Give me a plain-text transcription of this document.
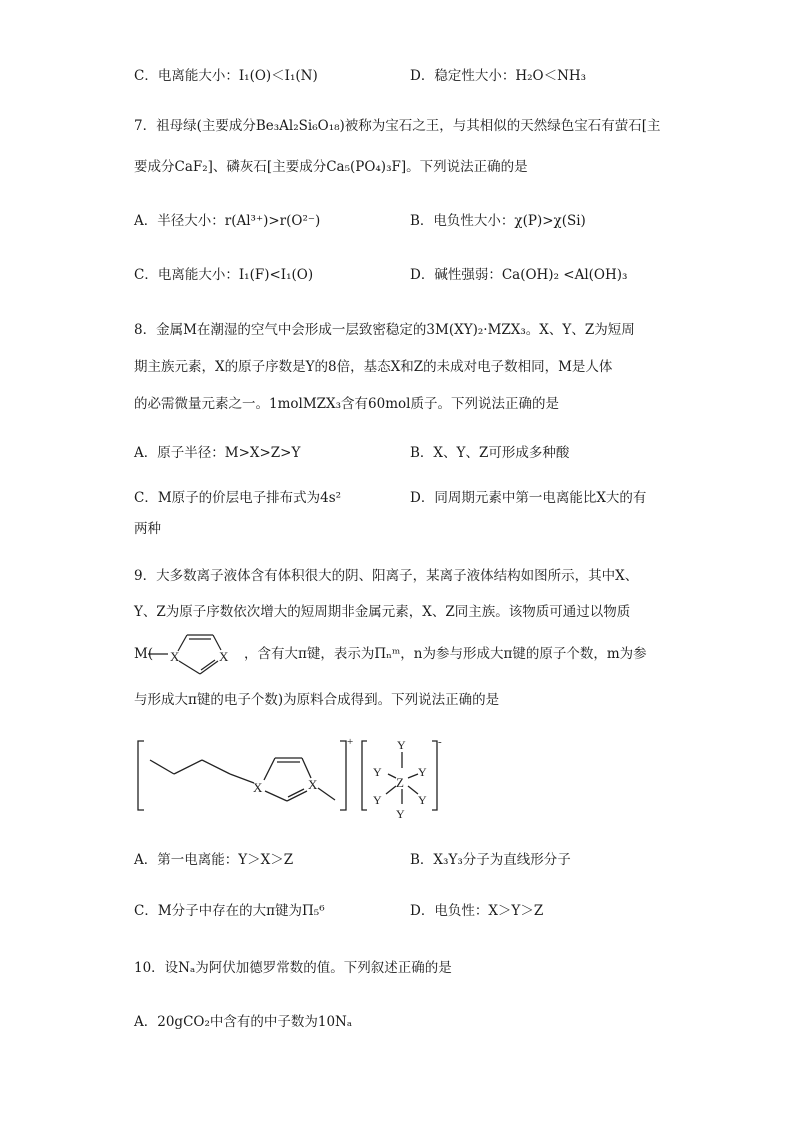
C．电离能大小：I₁(O)＜I₁(N)	D．稳定性大小：H₂O＜NH₃
7．祖母绿(主要成分Be₃Al₂Si₆O₁₈)被称为宝石之王，与其相似的天然绿色宝石有萤石[主
要成分CaF₂]、磷灰石[主要成分Ca₅(PO₄)₃F]。下列说法正确的是
A．半径大小：r(Al³⁺)>r(O²⁻)	B．电负性大小：χ(P)>χ(Si)
C．电离能大小：I₁(F)<I₁(O)	D．碱性强弱：Ca(OH)₂ <Al(OH)₃
8．金属M在潮湿的空气中会形成一层致密稳定的3M(XY)₂·MZX₃。X、Y、Z为短周
期主族元素，X的原子序数是Y的8倍，基态X和Z的未成对电子数相同，M是人体
的必需微量元素之一。1molMZX₃含有60mol质子。下列说法正确的是
A．原子半径：M>X>Z>Y	B．X、Y、Z可形成多种酸
C．M原子的价层电子排布式为4s²	D．同周期元素中第一电离能比X大的有
两种
9．大多数离子液体含有体积很大的阴、阳离子，某离子液体结构如图所示，其中X、
Y、Z为原子序数依次增大的短周期非金属元素，X、Z同主族。该物质可通过以物质
M( X	X ，含有大π键，表示为Πₙᵐ，n为参与形成大π键的原子个数，m为参
与形成大π键的电子个数)为原料合成得到。下列说法正确的是
X	X
+	-
Y
Y	Y
Z
Y
Y
Y
A．第一电离能：Y＞X＞Z	B．X₃Y₃分子为直线形分子
C．M分子中存在的大π键为Π₅⁶	D．电负性：X＞Y＞Z
10．设Nₐ为阿伏加德罗常数的值。下列叙述正确的是
A．20gCO₂中含有的中子数为10Nₐ
